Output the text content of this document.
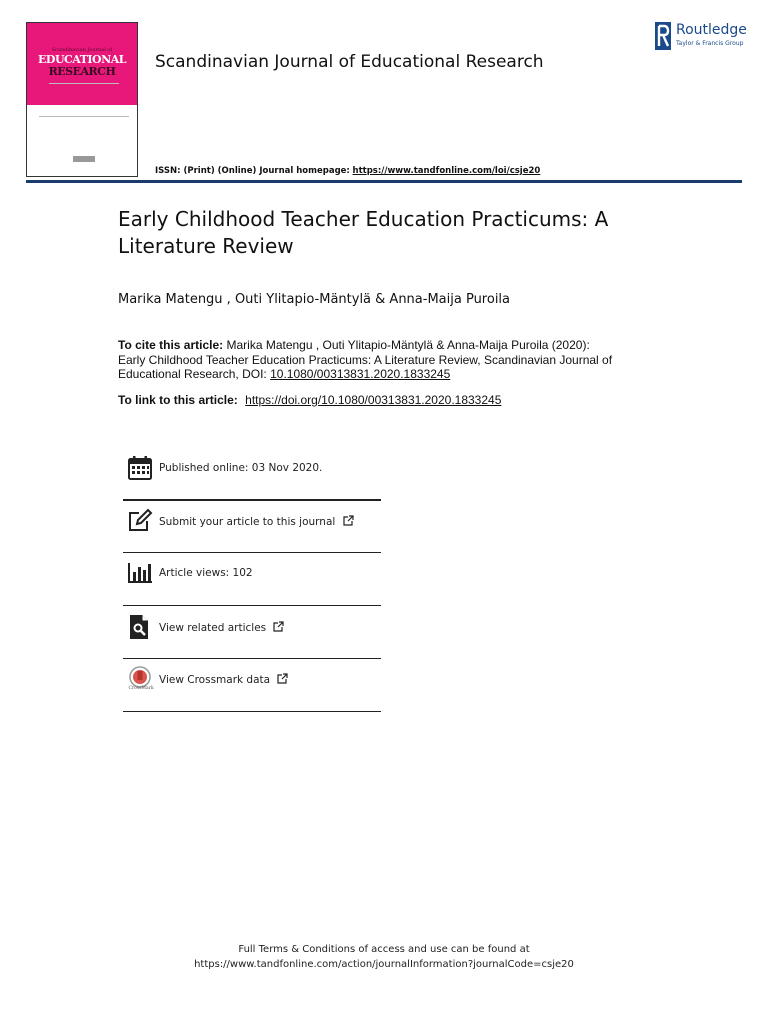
Scandinavian Journal of
EDUCATIONAL
RESEARCH	Scandinavian Journal of Educational Research
ISSN: (Print) (Online) Journal homepage: https://www.tandfonline.com/loi/csje20
Routledge
Taylor & Francis Group
Early Childhood Teacher Education Practicums: A
Literature Review
Marika Matengu , Outi Ylitapio-Mäntylä & Anna-Maija Puroila
To cite this article: Marika Matengu , Outi Ylitapio-Mäntylä & Anna-Maija Puroila (2020):
Early Childhood Teacher Education Practicums: A Literature Review, Scandinavian Journal of
Educational Research, DOI: 10.1080/00313831.2020.1833245
To link to this article: https://doi.org/10.1080/00313831.2020.1833245
Published online: 03 Nov 2020.
Submit your article to this journal
Article views: 102
View related articles
CrossMark
View Crossmark data
Full Terms & Conditions of access and use can be found at
https://www.tandfonline.com/action/journalInformation?journalCode=csje20
